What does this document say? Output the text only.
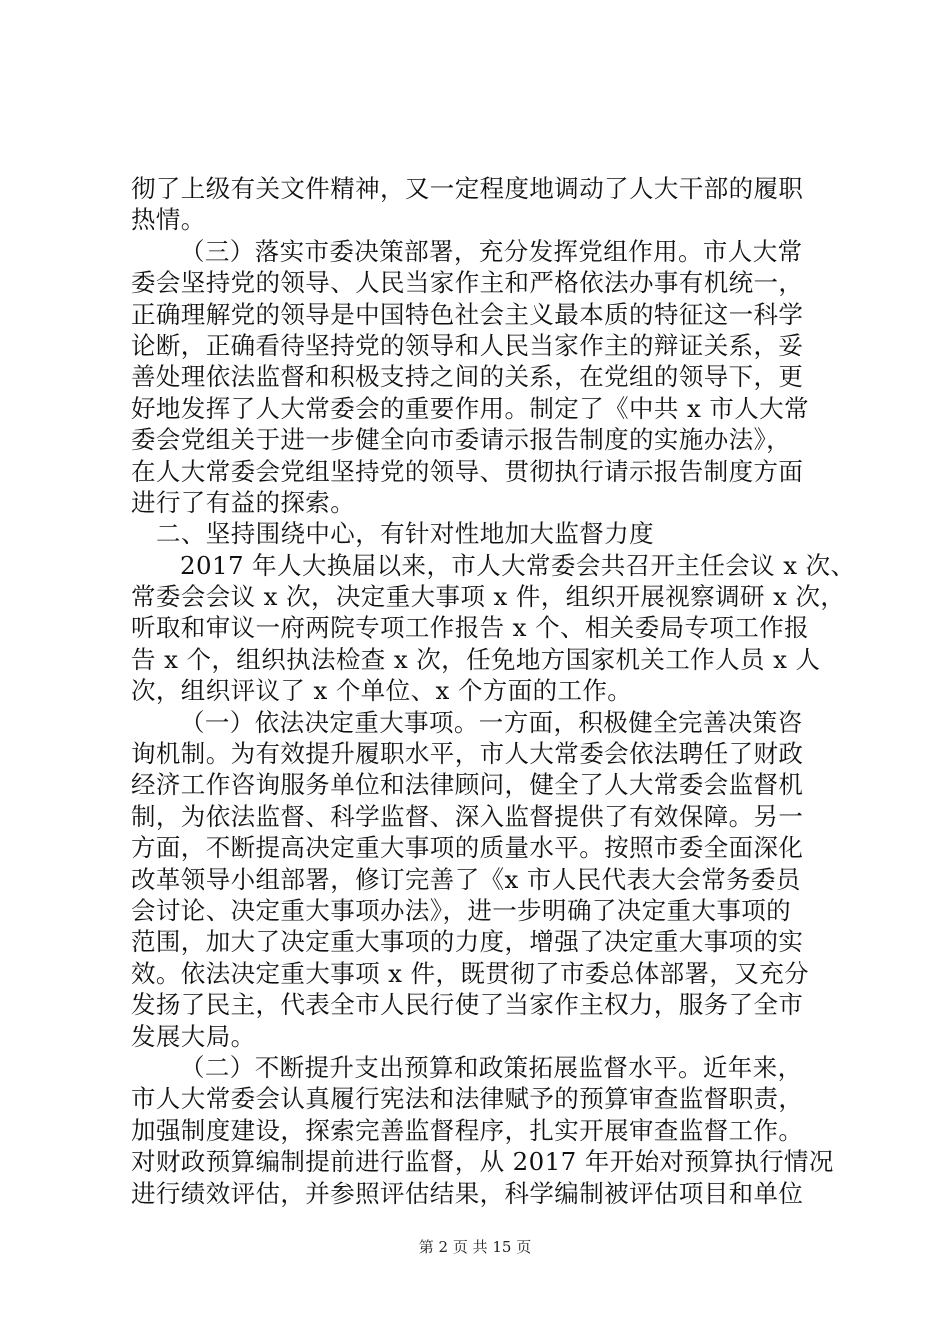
彻了上级有关文件精神，又一定程度地调动了人大干部的履职
热情。
（三）落实市委决策部署，充分发挥党组作用。市人大常
委会坚持党的领导、人民当家作主和严格依法办事有机统一，
正确理解党的领导是中国特色社会主义最本质的特征这一科学
论断，正确看待坚持党的领导和人民当家作主的辩证关系，妥
善处理依法监督和积极支持之间的关系，在党组的领导下，更
好地发挥了人大常委会的重要作用。制定了《中共 x 市人大常
委会党组关于进一步健全向市委请示报告制度的实施办法》，
在人大常委会党组坚持党的领导、贯彻执行请示报告制度方面
进行了有益的探索。
二、坚持围绕中心，有针对性地加大监督力度
2017 年人大换届以来，市人大常委会共召开主任会议 x 次、
常委会会议 x 次，决定重大事项 x 件，组织开展视察调研 x 次，
听取和审议一府两院专项工作报告 x 个、相关委局专项工作报
告 x 个，组织执法检查 x 次，任免地方国家机关工作人员 x 人
次，组织评议了 x 个单位、x 个方面的工作。
（一）依法决定重大事项。一方面，积极健全完善决策咨
询机制。为有效提升履职水平，市人大常委会依法聘任了财政
经济工作咨询服务单位和法律顾问，健全了人大常委会监督机
制，为依法监督、科学监督、深入监督提供了有效保障。另一
方面，不断提高决定重大事项的质量水平。按照市委全面深化
改革领导小组部署，修订完善了《x 市人民代表大会常务委员
会讨论、决定重大事项办法》，进一步明确了决定重大事项的
范围，加大了决定重大事项的力度，增强了决定重大事项的实
效。依法决定重大事项 x 件，既贯彻了市委总体部署，又充分
发扬了民主，代表全市人民行使了当家作主权力，服务了全市
发展大局。
（二）不断提升支出预算和政策拓展监督水平。近年来，
市人大常委会认真履行宪法和法律赋予的预算审查监督职责，
加强制度建设，探索完善监督程序，扎实开展审查监督工作。
对财政预算编制提前进行监督，从 2017 年开始对预算执行情况
进行绩效评估，并参照评估结果，科学编制被评估项目和单位
第 2 页 共 15 页
